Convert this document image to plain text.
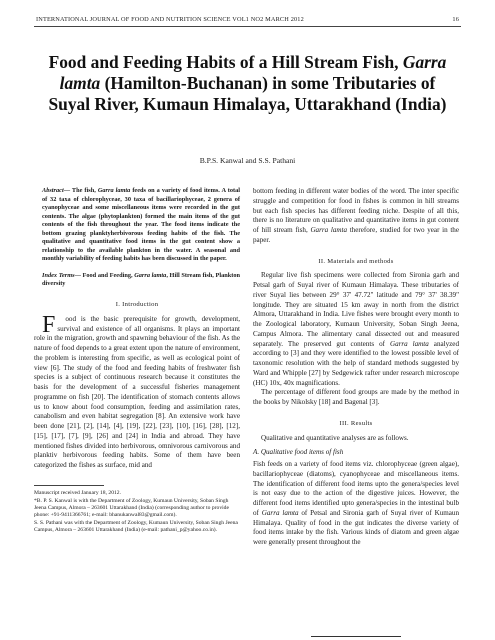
INTERNATIONAL JOURNAL OF FOOD AND NUTRITION SCIENCE VOL1 NO2 MARCH 2012	16
Food and Feeding Habits of a Hill Stream Fish, Garra lamta (Hamilton-Buchanan) in some Tributaries of Suyal River, Kumaun Himalaya, Uttarakhand (India)
B.P.S. Kanwal and S.S. Pathani

Abstract— The fish, Garra lamta feeds on a variety of food items. A total of 32 taxa of chlorophyceae, 30 taxa of bacillariophyceae, 2 genera of cyanophyceae and some miscellaneous items were recorded in the gut contents. The algae (phytoplankton) formed the main items of the gut contents of the fish throughout the year. The food items indicate the bottom grazing planktyherbivorous feeding habits of the fish. The qualitative and quantitative food items in the gut content show a relationship to the available plankton in the water. A seasonal and monthly variability of feeding habits has been discussed in the paper.

Index Terms— Food and Feeding, Garra lamta, Hill Stream fish, Plankton diversity

I. Introduction

F ood is the basic prerequisite for growth, development, survival and existence of all organisms. It plays an important role in the migration, growth and spawning behaviour of the fish. As the nature of food depends to a great extent upon the nature of environment, the problem is interesting from specific, as well as ecological point of view [6]. The study of the food and feeding habits of freshwater fish species is a subject of continuous research because it constitutes the basis for the development of a successful fisheries management programme on fish [20]. The identification of stomach contents allows us to know about food consumption, feeding and assimilation rates, canabolism and even habitat segregation [8]. An extensive work have been done [21], [2], [14], [4], [19], [22], [23], [10], [16], [28], [12], [15], [17], [7], [9], [26] and [24] in India and abroad. They have mentioned fishes divided into herbivorous, omnivorous carnivorous and planktiv herbivorous feeding habits. Some of them have been categorized the fishes as surface, mid and

Manuscript received January 18, 2012.

*B. P. S. Kanwal is with the Department of Zoology, Kumaun University, Soban Singh Jeena Campus, Almora – 263601 Uttarakhand (India) (corresponding author to provide phone: +91-9411366761; e-mail: bhanukanwal83@gmail.com).

S. S. Pathani was with the Department of Zoology, Kumaun University, Soban Singh Jeena Campus, Almora – 263601 Uttarakhand (India) (e-mail: pathani_p@yahoo.co.in).

bottom feeding in different water bodies of the word. The inter specific struggle and competition for food in fishes is common in hill streams but each fish species has different feeding niche. Despite of all this, there is no literature on qualitative and quantitative items in gut content of hill stream fish, Garra lamta therefore, studied for two year in the paper.

II. Materials and methods

Regular live fish specimens were collected from Sironia garh and Petsal garh of Suyal river of Kumaun Himalaya. These tributaries of river Suyal lies between 29° 37' 47.72" latitude and 79° 37' 38.39" longitude. They are situated 15 km away in north from the district Almora, Uttarakhand in India. Live fishes were brought every month to the Zoological laboratory, Kumaun University, Soban Singh Jeena, Campus Almora. The alimentary canal dissected out and measured separately. The preserved gut contents of Garra lamta analyzed according to [3] and they were identified to the lowest possible level of taxonomic resolution with the help of standard methods suggested by Ward and Whipple [27] by Sedgewick rafter under research microscope (HC) 10x, 40x magnifications.

The percentage of different food groups are made by the method in the books by Nikolsky [18] and Bagenal [3].

III. Results

Qualitative and quantitative analyses are as follows.

A. Qualitative food items of fish

Fish feeds on a variety of food items viz. chlorophyceae (green algae), bacillariophyceae (diatoms), cyanophyceae and miscellaneous items. The identification of different food items upto the genera/species level is not easy due to the action of the digestive juices. However, the different food items identified upto genera/species in the intestinal bulb of Garra lamta of Petsal and Sironia garh of Suyal river of Kumaun Himalaya. Quality of food in the gut indicates the diverse variety of food items intake by the fish. Various kinds of diatom and green algae were generally present throughout the
